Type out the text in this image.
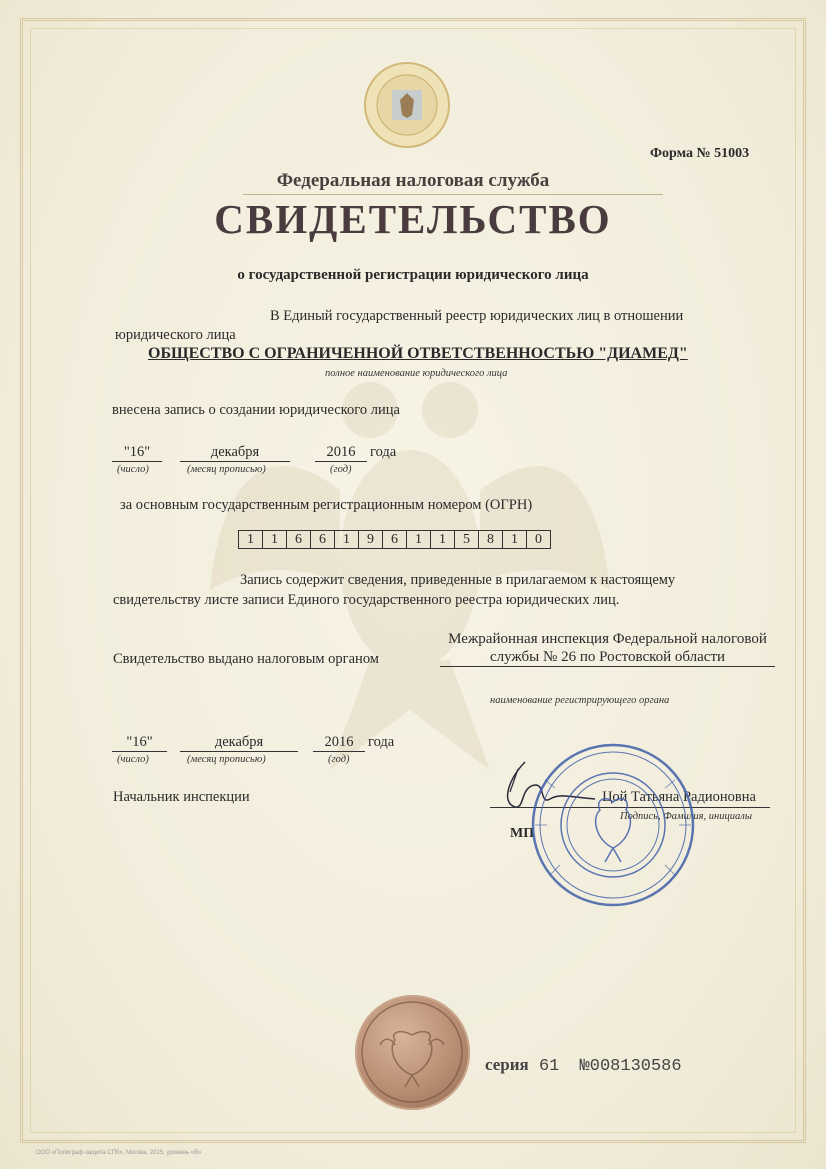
Форма № 51003
Федеральная налоговая служба
СВИДЕТЕЛЬСТВО
о государственной регистрации юридического лица
В Единый государственный реестр юридических лиц в отношении
юридического лица
ОБЩЕСТВО С ОГРАНИЧЕННОЙ ОТВЕТСТВЕННОСТЬЮ "ДИАМЕД"
полное наименование юридического лица
внесена запись о создании юридического лица
"16"	декабря	2016	года
(число)	(месяц прописью)	(год)
за основным государственным регистрационным номером (ОГРН)
1	1	6	6	1	9	6	1	1	5	8	1	0
Запись содержит сведения, приведенные в прилагаемом к настоящему
свидетельству листе записи Единого государственного реестра юридических лиц.
Свидетельство выдано налоговым органом
Межрайонная инспекция Федеральной налоговой службы № 26 по Ростовской области
наименование регистрирующего органа
"16"	декабря	2016	года
(число)	(месяц прописью)	(год)
Начальник инспекции	Цой Татьяна Радионовна
Подпись, Фамилия, инициалы
МП
серия 61 №008130586
ООО «Полиграф-защита СПб», Москва, 2015, уровень «В»
